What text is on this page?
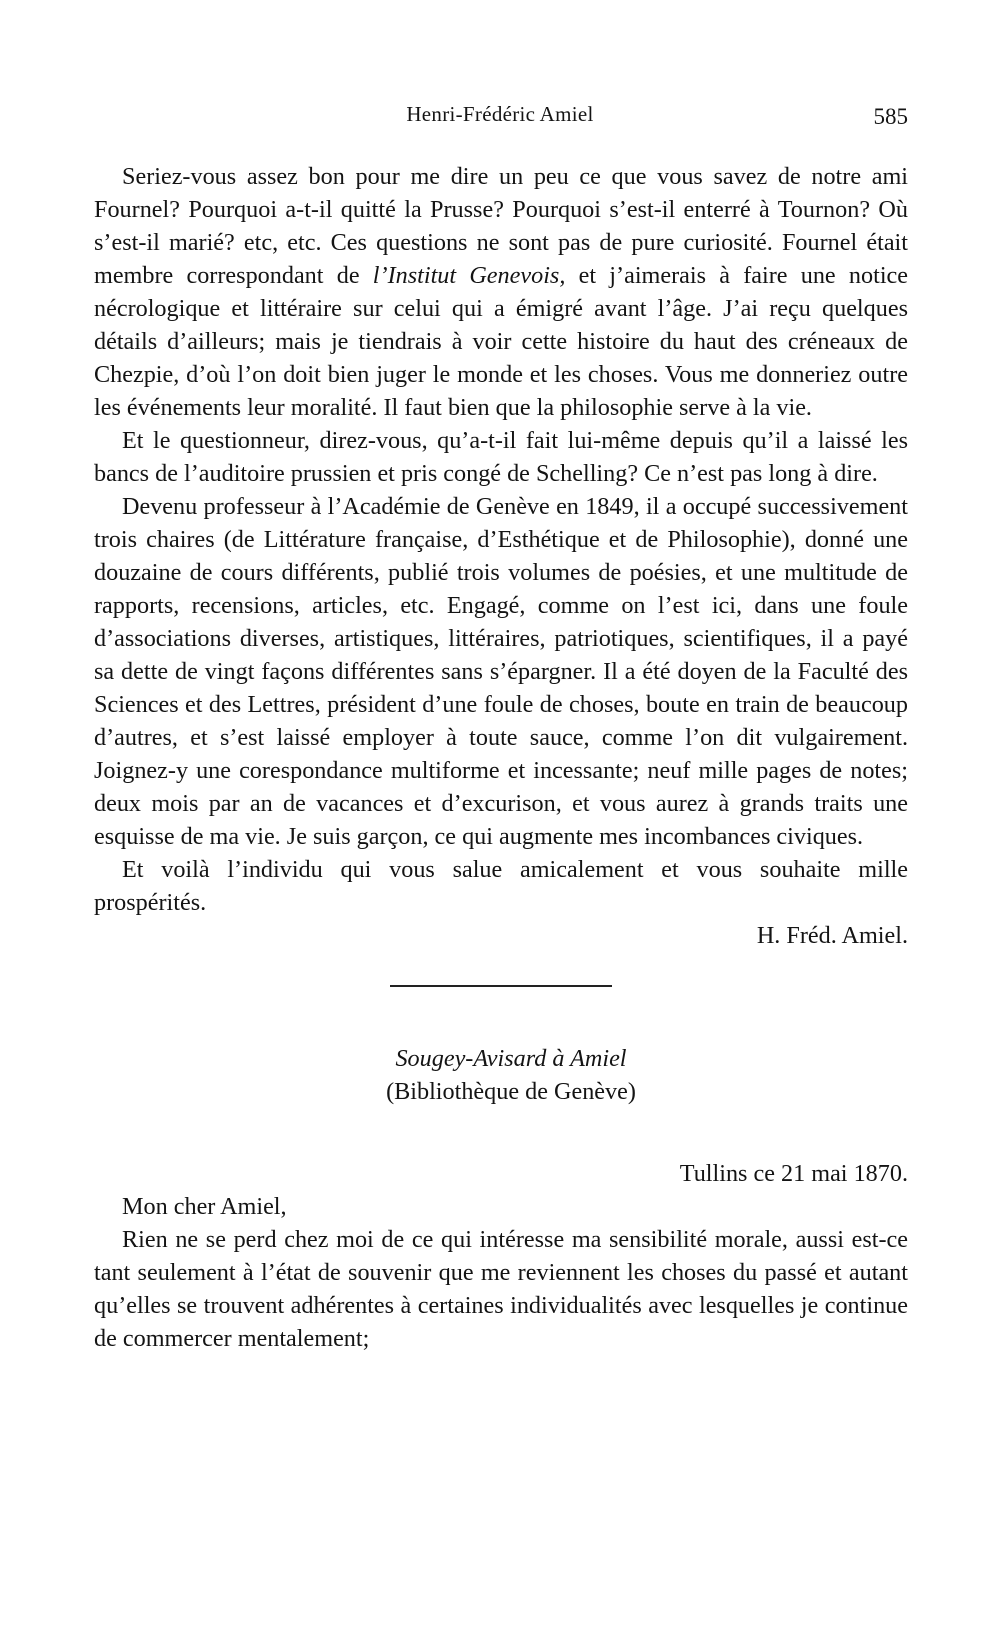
Henri-Frédéric Amiel	585

Seriez-vous assez bon pour me dire un peu ce que vous savez de notre ami Fournel? Pourquoi a-t-il quitté la Prusse? Pourquoi s’est-il enterré à Tournon? Où s’est-il marié? etc, etc. Ces questions ne sont pas de pure curiosité. Fournel était membre correspondant de l’Institut Genevois, et j’aimerais à faire une notice nécrologique et littéraire sur celui qui a émigré avant l’âge. J’ai reçu quelques détails d’ailleurs; mais je tiendrais à voir cette histoire du haut des créneaux de Chezpie, d’où l’on doit bien juger le monde et les choses. Vous me donneriez outre les événements leur moralité. Il faut bien que la philosophie serve à la vie.

Et le questionneur, direz-vous, qu’a-t-il fait lui-même depuis qu’il a laissé les bancs de l’auditoire prussien et pris congé de Schelling? Ce n’est pas long à dire.

Devenu professeur à l’Académie de Genève en 1849, il a occupé successivement trois chaires (de Littérature française, d’Esthétique et de Philosophie), donné une douzaine de cours différents, publié trois volumes de poésies, et une multitude de rapports, recensions, articles, etc. Engagé, comme on l’est ici, dans une foule d’associations diverses, artistiques, littéraires, patriotiques, scientifiques, il a payé sa dette de vingt façons différentes sans s’épargner. Il a été doyen de la Faculté des Sciences et des Lettres, président d’une foule de choses, boute en train de beaucoup d’autres, et s’est laissé employer à toute sauce, comme l’on dit vulgairement. Joignez-y une corespondance multiforme et incessante; neuf mille pages de notes; deux mois par an de vacances et d’excurison, et vous aurez à grands traits une esquisse de ma vie. Je suis garçon, ce qui augmente mes incombances civiques.

Et voilà l’individu qui vous salue amicalement et vous souhaite mille prospérités.

H. Fréd. Amiel.
Sougey-Avisard à Amiel
(Bibliothèque de Genève)
Tullins ce 21 mai 1870.

Mon cher Amiel,

Rien ne se perd chez moi de ce qui intéresse ma sensibilité morale, aussi est-ce tant seulement à l’état de souvenir que me reviennent les choses du passé et autant qu’elles se trouvent adhérentes à certaines individualités avec lesquelles je continue de commercer mentalement;
